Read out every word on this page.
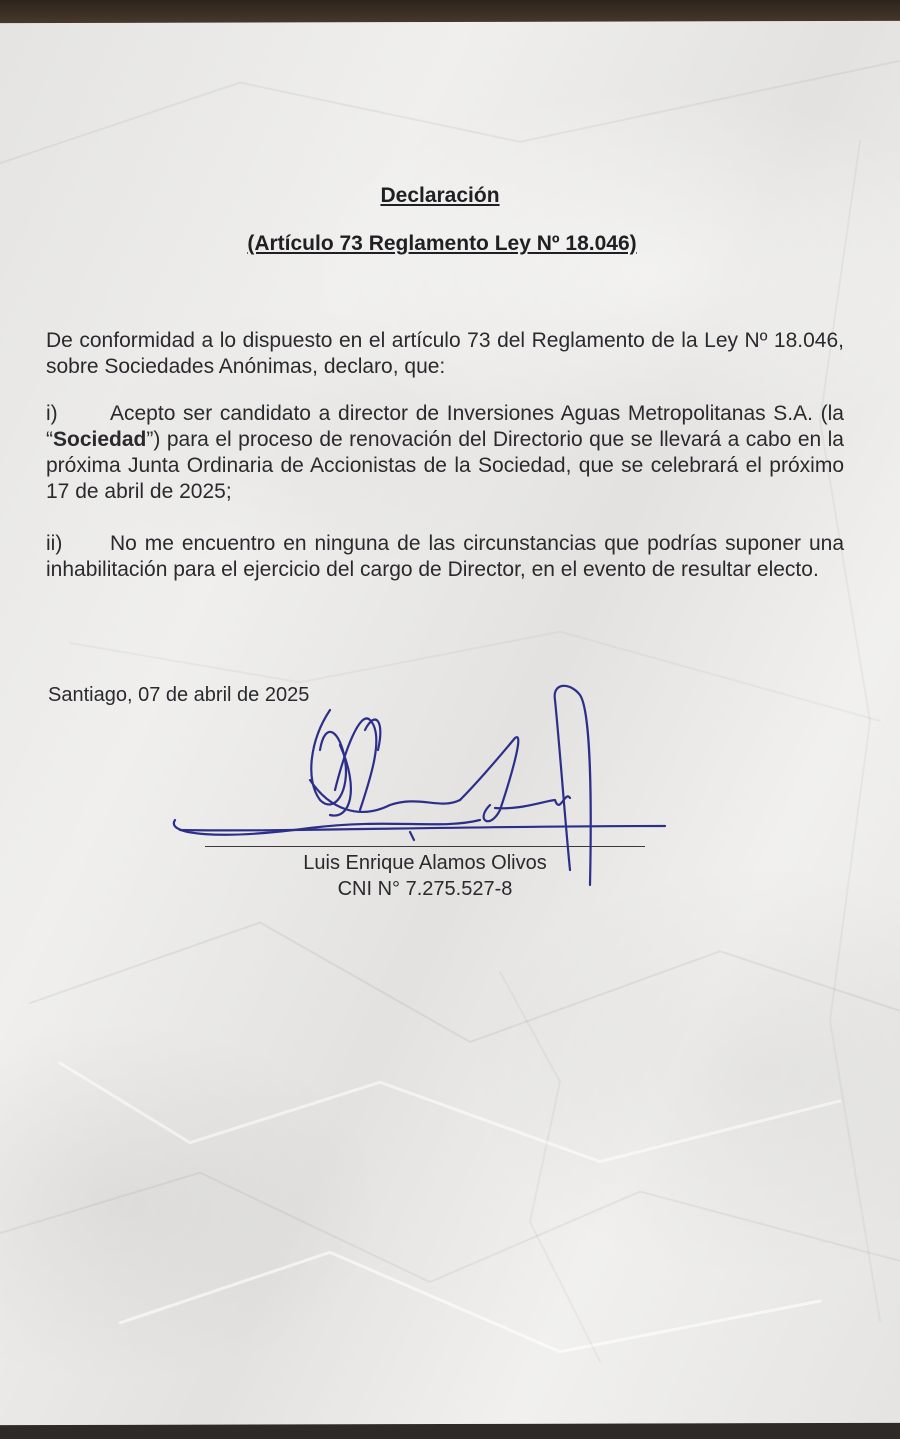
Declaración
(Artículo 73 Reglamento Ley Nº 18.046)
De conformidad a lo dispuesto en el artículo 73 del Reglamento de la Ley Nº 18.046, sobre Sociedades Anónimas, declaro, que:
i) Acepto ser candidato a director de Inversiones Aguas Metropolitanas S.A. (la “Sociedad”) para el proceso de renovación del Directorio que se llevará a cabo en la próxima Junta Ordinaria de Accionistas de la Sociedad, que se celebrará el próximo 17 de abril de 2025;
ii) No me encuentro en ninguna de las circunstancias que podrías suponer una inhabilitación para el ejercicio del cargo de Director, en el evento de resultar electo.
Santiago, 07 de abril de 2025
Luis Enrique Alamos Olivos
CNI N° 7.275.527-8
